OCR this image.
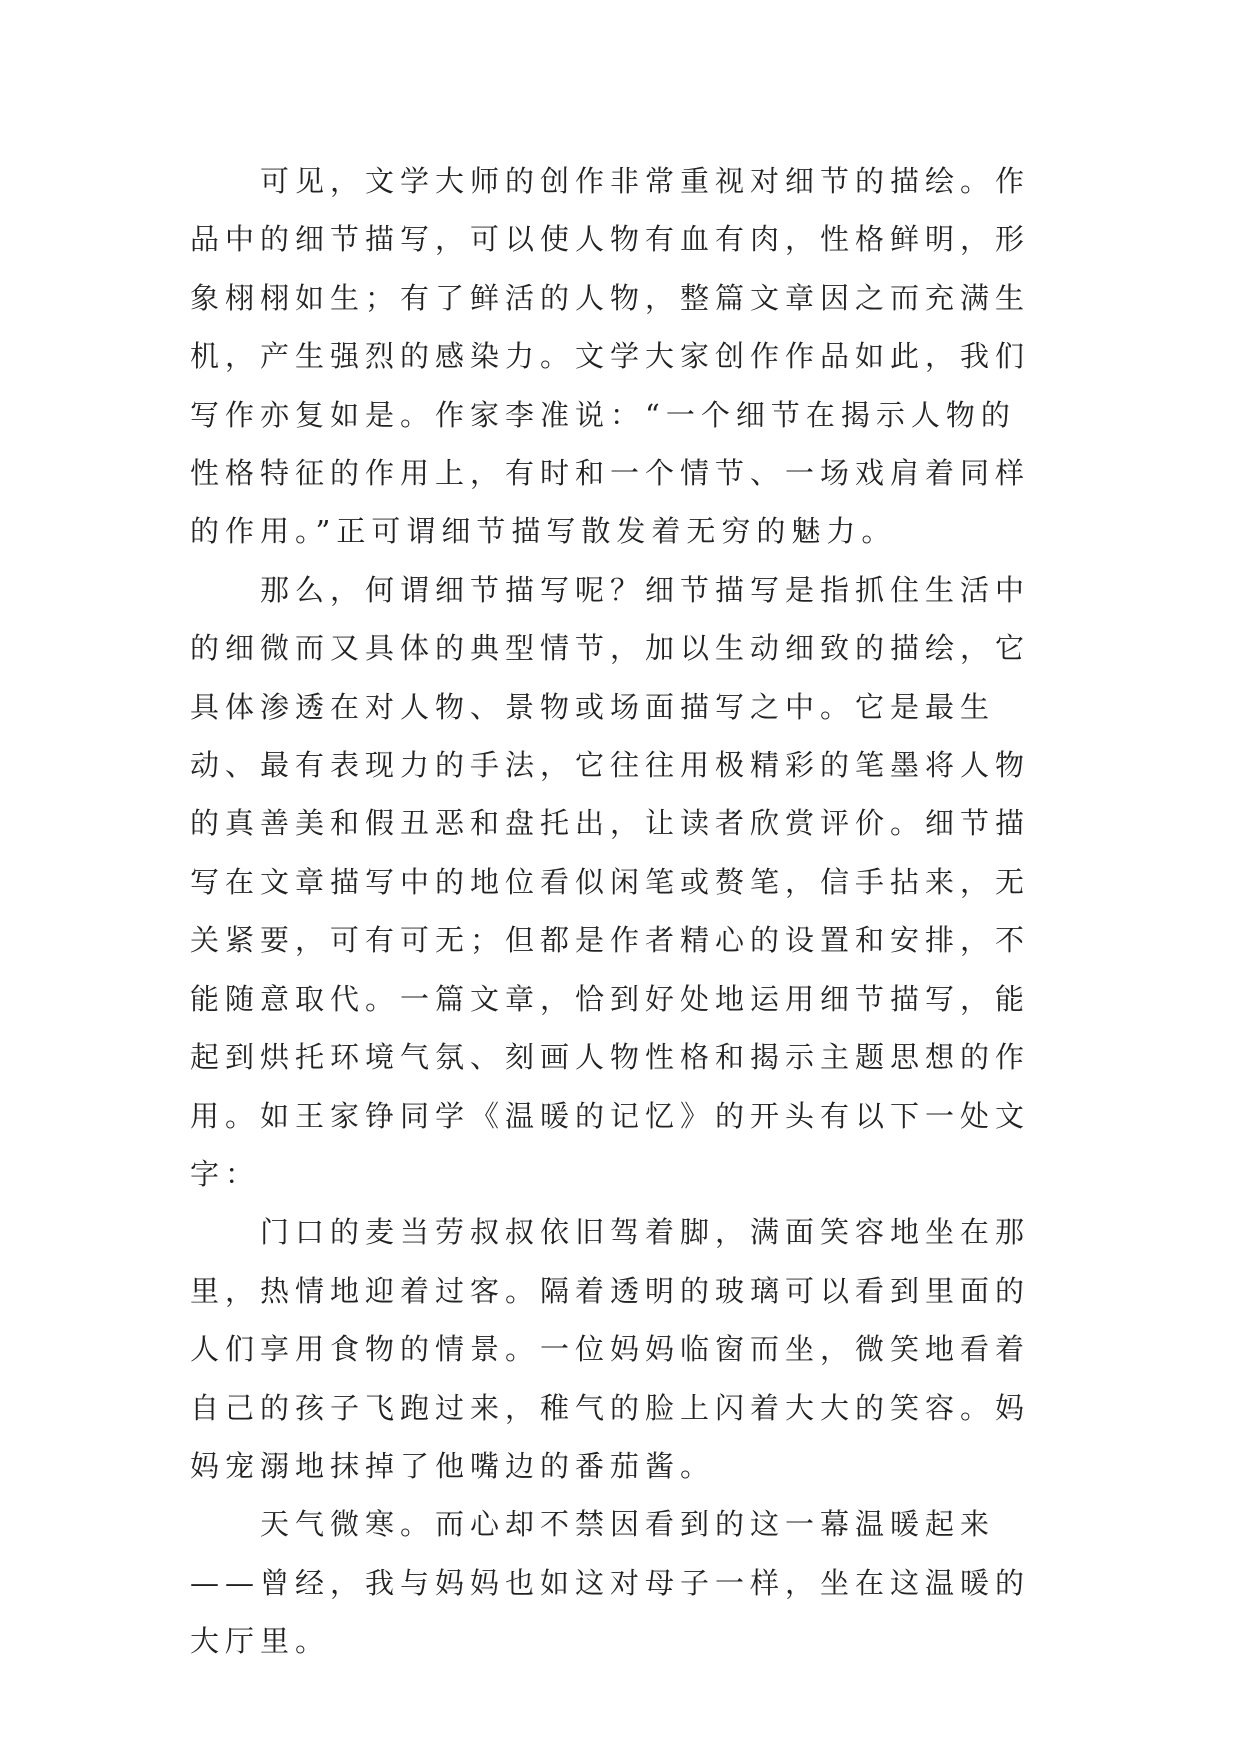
可见，文学大师的创作非常重视对细节的描绘。作品中的细节描写，可以使人物有血有肉，性格鲜明，形象栩栩如生；有了鲜活的人物，整篇文章因之而充满生机，产生强烈的感染力。文学大家创作作品如此，我们写作亦复如是。作家李准说：“一个细节在揭示人物的性格特征的作用上，有时和一个情节、一场戏肩着同样的作用。”正可谓细节描写散发着无穷的魅力。

那么，何谓细节描写呢？细节描写是指抓住生活中的细微而又具体的典型情节，加以生动细致的描绘，它具体渗透在对人物、景物或场面描写之中。它是最生动、最有表现力的手法，它往往用极精彩的笔墨将人物的真善美和假丑恶和盘托出，让读者欣赏评价。细节描写在文章描写中的地位看似闲笔或赘笔，信手拈来，无关紧要，可有可无；但都是作者精心的设置和安排，不能随意取代。一篇文章，恰到好处地运用细节描写，能起到烘托环境气氛、刻画人物性格和揭示主题思想的作用。如王家铮同学《温暖的记忆》的开头有以下一处文字：

门口的麦当劳叔叔依旧驾着脚，满面笑容地坐在那里，热情地迎着过客。隔着透明的玻璃可以看到里面的人们享用食物的情景。一位妈妈临窗而坐，微笑地看着自己的孩子飞跑过来，稚气的脸上闪着大大的笑容。妈妈宠溺地抹掉了他嘴边的番茄酱。

天气微寒。而心却不禁因看到的这一幕温暖起来——曾经，我与妈妈也如这对母子一样，坐在这温暖的大厅里。
